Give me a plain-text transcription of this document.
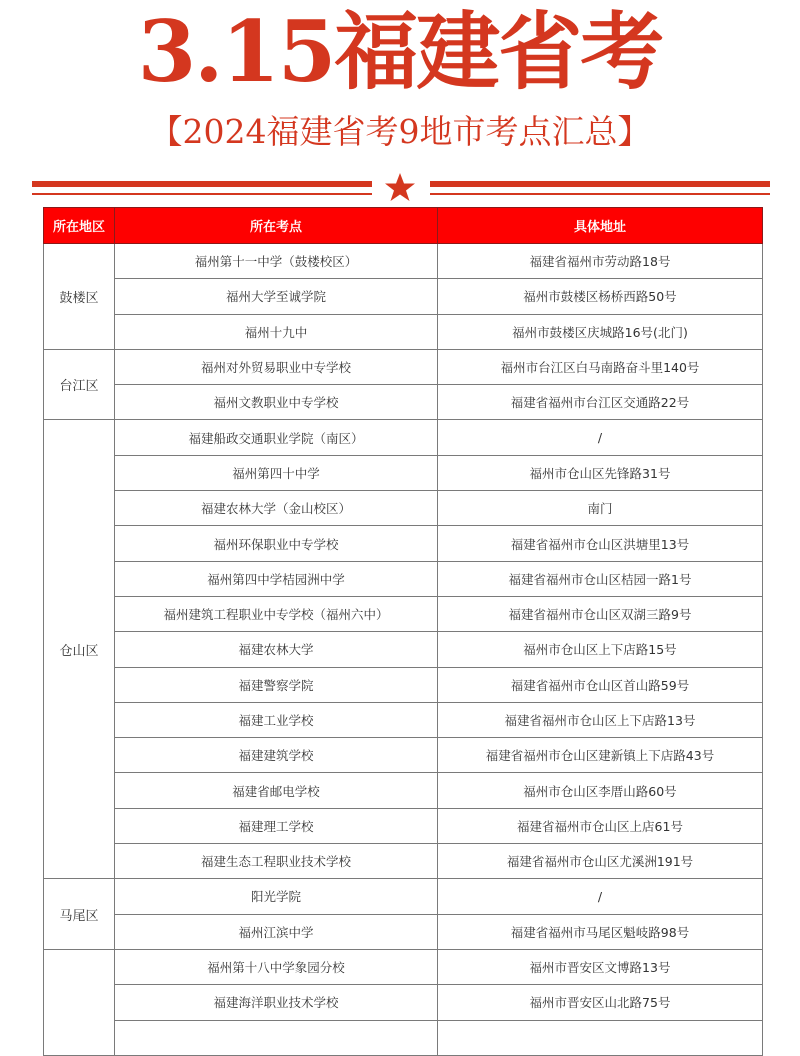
3.15福建省考
【2024福建省考9地市考点汇总】
所在地区	所在考点	具体地址
鼓楼区	福州第十一中学（鼓楼校区）	福建省福州市劳动路18号
	福州大学至诚学院	福州市鼓楼区杨桥西路50号
	福州十九中	福州市鼓楼区庆城路16号(北门)
台江区	福州对外贸易职业中专学校	福州市台江区白马南路奋斗里140号
	福州文教职业中专学校	福建省福州市台江区交通路22号
仓山区	福建船政交通职业学院（南区）	/
	福州第四十中学	福州市仓山区先锋路31号
	福建农林大学（金山校区）	南门
	福州环保职业中专学校	福建省福州市仓山区洪塘里13号
	福州第四中学桔园洲中学	福建省福州市仓山区桔园一路1号
	福州建筑工程职业中专学校（福州六中）	福建省福州市仓山区双湖三路9号
	福建农林大学	福州市仓山区上下店路15号
	福建警察学院	福建省福州市仓山区首山路59号
	福建工业学校	福建省福州市仓山区上下店路13号
	福建建筑学校	福建省福州市仓山区建新镇上下店路43号
	福建省邮电学校	福州市仓山区李厝山路60号
	福建理工学校	福建省福州市仓山区上店61号
	福建生态工程职业技术学校	福建省福州市仓山区尤溪洲191号
马尾区	阳光学院	/
	福州江滨中学	福建省福州市马尾区魁岐路98号
	福州第十八中学象园分校	福州市晋安区文博路13号
	福建海洋职业技术学校	福州市晋安区山北路75号
